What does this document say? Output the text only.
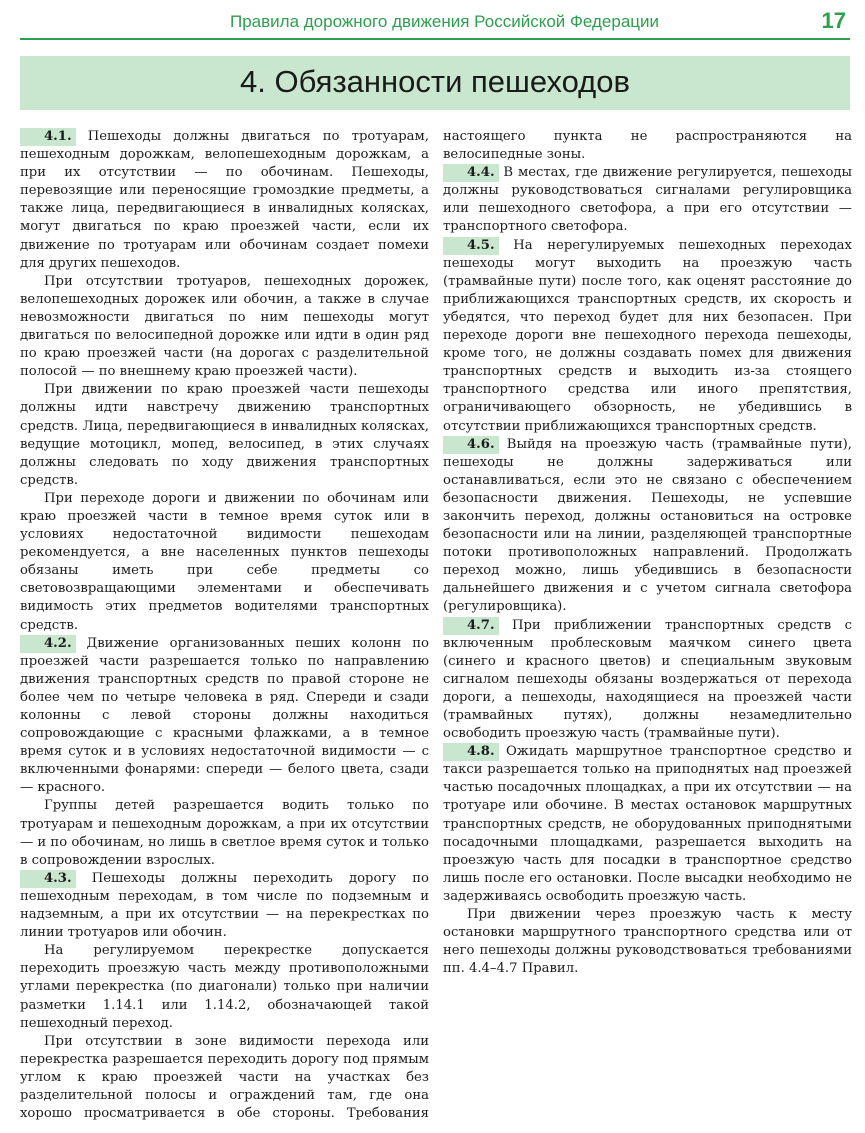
Правила дорожного движения Российской Федерации	17
4. Обязанности пешеходов

4.1. Пешеходы должны двигаться по тротуарам, пешеходным дорожкам, велопешеходным дорожкам, а при их отсутствии — по обочинам. Пешеходы, перевозящие или переносящие громоздкие предметы, а также лица, передвигающиеся в инвалидных колясках, могут двигаться по краю проезжей части, если их движение по тротуарам или обочинам создает помехи для других пешеходов.

При отсутствии тротуаров, пешеходных дорожек, велопешеходных дорожек или обочин, а также в случае невозможности двигаться по ним пешеходы могут двигаться по велосипедной дорожке или идти в один ряд по краю проезжей части (на дорогах с разделительной полосой — по внешнему краю проезжей части).

При движении по краю проезжей части пешеходы должны идти навстречу движению транспортных средств. Лица, передвигающиеся в инвалидных колясках, ведущие мотоцикл, мопед, велосипед, в этих случаях должны следовать по ходу движения транспортных средств.

При переходе дороги и движении по обочинам или краю проезжей части в темное время суток или в условиях недостаточной видимости пешеходам рекомендуется, а вне населенных пунктов пешеходы обязаны иметь при себе предметы со световозвращающими элементами и обеспечивать видимость этих предметов водителями транспортных средств.

4.2. Движение организованных пеших колонн по проезжей части разрешается только по направлению движения транспортных средств по правой стороне не более чем по четыре человека в ряд. Спереди и сзади колонны с левой стороны должны находиться сопровождающие с красными флажками, а в темное время суток и в условиях недостаточной видимости — с включенными фонарями: спереди — белого цвета, сзади — красного.

Группы детей разрешается водить только по тротуарам и пешеходным дорожкам, а при их отсутствии — и по обочинам, но лишь в светлое время суток и только в сопровождении взрослых.

4.3. Пешеходы должны переходить дорогу по пешеходным переходам, в том числе по подземным и надземным, а при их отсутствии — на перекрестках по линии тротуаров или обочин.

На регулируемом перекрестке допускается переходить проезжую часть между противоположными углами перекрестка (по диагонали) только при наличии разметки 1.14.1 или 1.14.2, обозначающей такой пешеходный переход.

При отсутствии в зоне видимости перехода или перекрестка разрешается переходить дорогу под прямым углом к краю проезжей части на участках без разделительной полосы и ограждений там, где она хорошо просматривается в обе стороны. Требования настоящего пункта не распространяются на велосипедные зоны.

4.4. В местах, где движение регулируется, пешеходы должны руководствоваться сигналами регулировщика или пешеходного светофора, а при его отсутствии — транспортного светофора.

4.5. На нерегулируемых пешеходных переходах пешеходы могут выходить на проезжую часть (трамвайные пути) после того, как оценят расстояние до приближающихся транспортных средств, их скорость и убедятся, что переход будет для них безопасен. При переходе дороги вне пешеходного перехода пешеходы, кроме того, не должны создавать помех для движения транспортных средств и выходить из-за стоящего транспортного средства или иного препятствия, ограничивающего обзорность, не убедившись в отсутствии приближающихся транспортных средств.

4.6. Выйдя на проезжую часть (трамвайные пути), пешеходы не должны задерживаться или останавливаться, если это не связано с обеспечением безопасности движения. Пешеходы, не успевшие закончить переход, должны остановиться на островке безопасности или на линии, разделяющей транспортные потоки противоположных направлений. Продолжать переход можно, лишь убедившись в безопасности дальнейшего движения и с учетом сигнала светофора (регулировщика).

4.7. При приближении транспортных средств с включенным проблесковым маячком синего цвета (синего и красного цветов) и специальным звуковым сигналом пешеходы обязаны воздержаться от перехода дороги, а пешеходы, находящиеся на проезжей части (трамвайных путях), должны незамедлительно освободить проезжую часть (трамвайные пути).

4.8. Ожидать маршрутное транспортное средство и такси разрешается только на приподнятых над проезжей частью посадочных площадках, а при их отсутствии — на тротуаре или обочине. В местах остановок маршрутных транспортных средств, не оборудованных приподнятыми посадочными площадками, разрешается выходить на проезжую часть для посадки в транспортное средство лишь после его остановки. После высадки необходимо не задерживаясь освободить проезжую часть.

При движении через проезжую часть к месту остановки маршрутного транспортного средства или от него пешеходы должны руководствоваться требованиями пп. 4.4–4.7 Правил.
